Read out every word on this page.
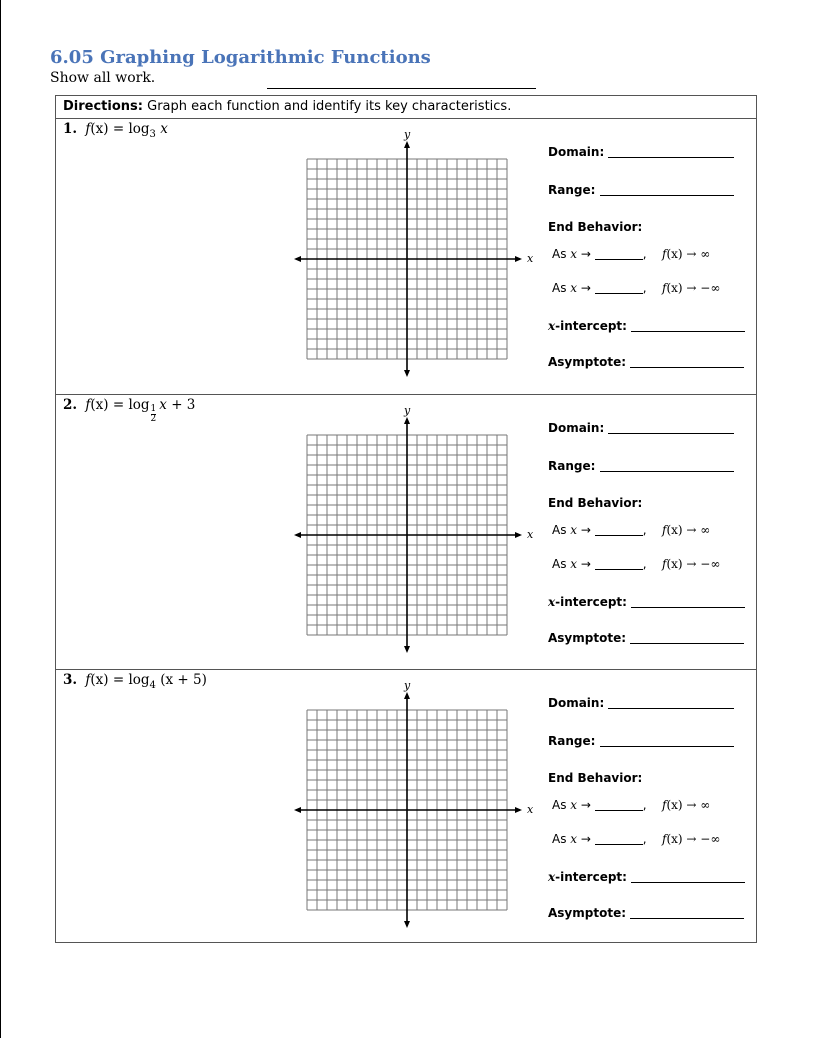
6.05 Graphing Logarithmic Functions
Show all work.
Directions: Graph each function and identify its key characteristics.
1. $f(x) = \log_3 x$	y
x
Domain:
Range:
End Behavior:
As x →	, f(x) → ∞
As x →	, f(x) → −∞
x-intercept:
Asymptote:
2. $f(x) = \log\frac{1}{2} x + 3$	y
x
Domain:
Range:
End Behavior:
As x →	, f(x) → ∞
As x →	, f(x) → −∞
x-intercept:
Asymptote:
3. $f(x) = \log_4 (x + 5)$	y
x
Domain:
Range:
End Behavior:
As x →	, f(x) → ∞
As x →	, f(x) → −∞
x-intercept:
Asymptote:
